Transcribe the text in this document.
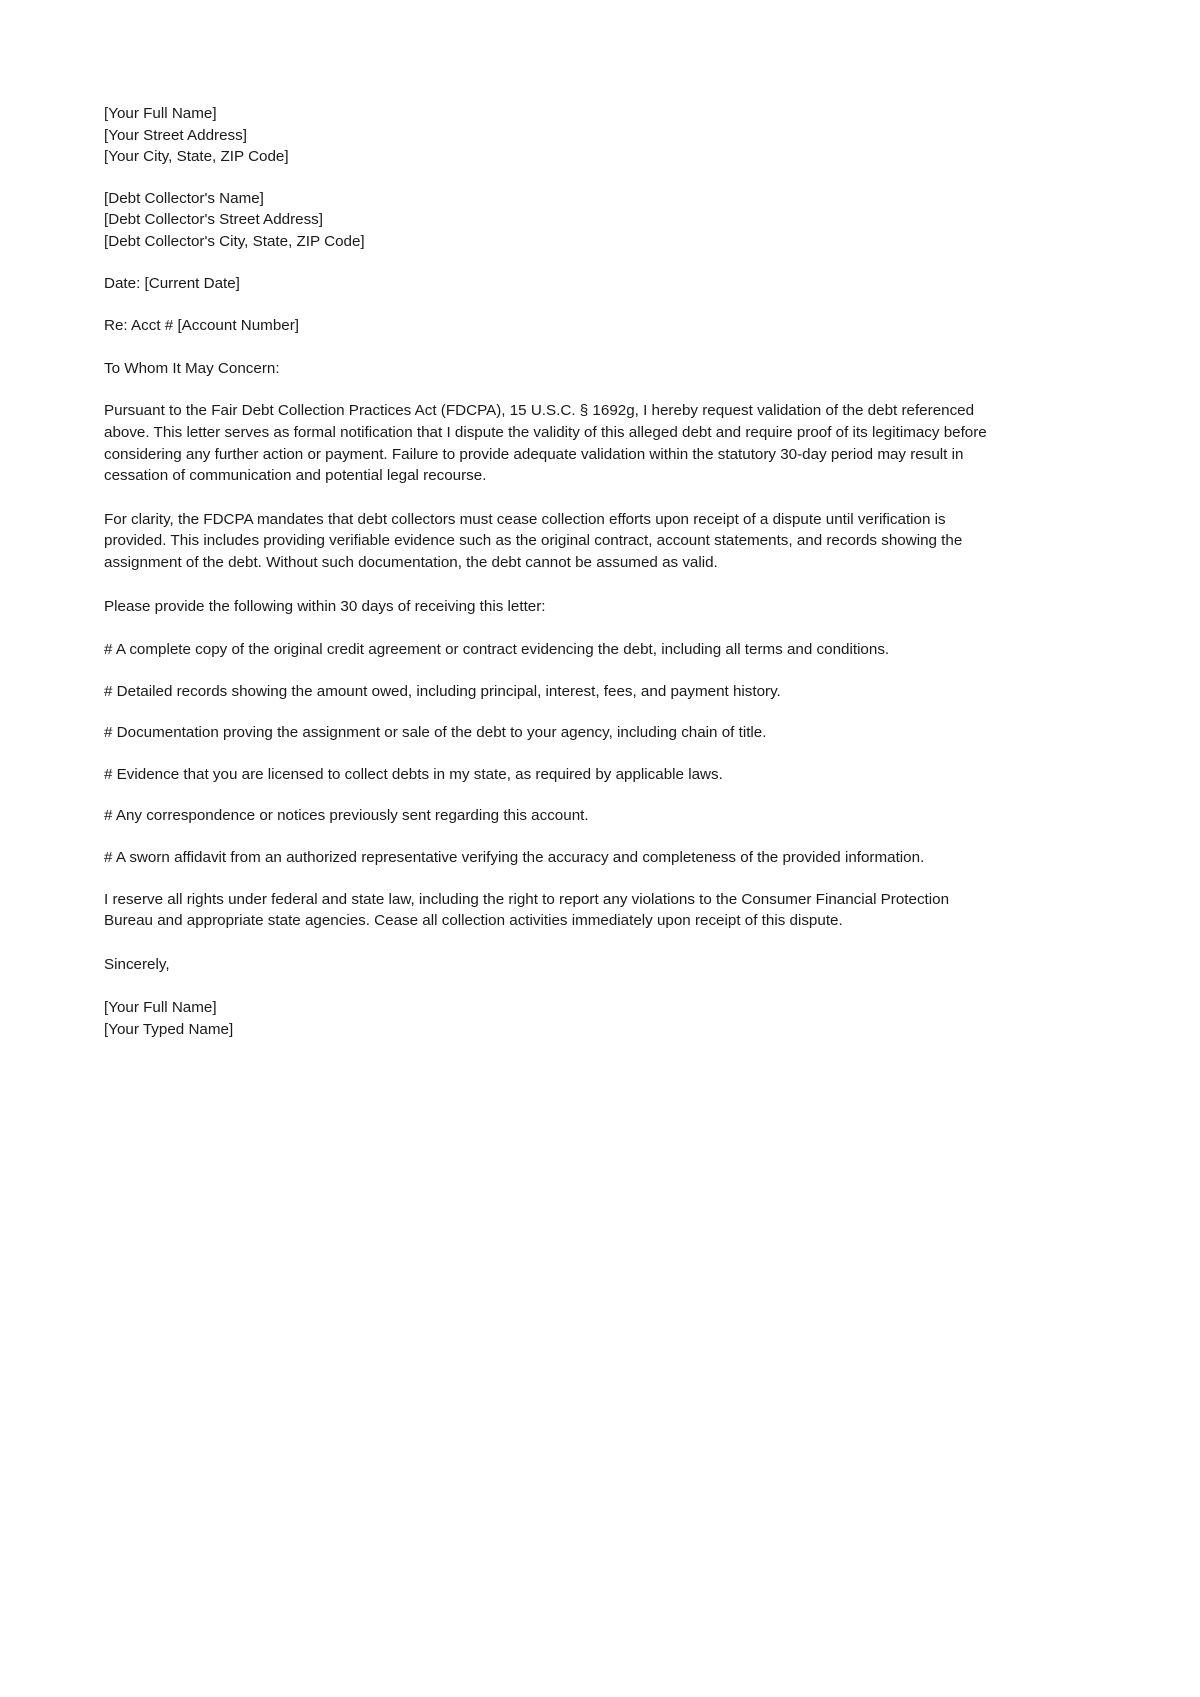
[Your Full Name]
[Your Street Address]
[Your City, State, ZIP Code]
[Debt Collector's Name]
[Debt Collector's Street Address]
[Debt Collector's City, State, ZIP Code]
Date: [Current Date]
Re: Acct # [Account Number]
To Whom It May Concern:

Pursuant to the Fair Debt Collection Practices Act (FDCPA), 15 U.S.C. § 1692g, I hereby request validation of the debt referenced above. This letter serves as formal notification that I dispute the validity of this alleged debt and require proof of its legitimacy before considering any further action or payment. Failure to provide adequate validation within the statutory 30-day period may result in cessation of communication and potential legal recourse.

For clarity, the FDCPA mandates that debt collectors must cease collection efforts upon receipt of a dispute until verification is provided. This includes providing verifiable evidence such as the original contract, account statements, and records showing the assignment of the debt. Without such documentation, the debt cannot be assumed as valid.

Please provide the following within 30 days of receiving this letter:

# A complete copy of the original credit agreement or contract evidencing the debt, including all terms and conditions.
# Detailed records showing the amount owed, including principal, interest, fees, and payment history.
# Documentation proving the assignment or sale of the debt to your agency, including chain of title.
# Evidence that you are licensed to collect debts in my state, as required by applicable laws.
# Any correspondence or notices previously sent regarding this account.
# A sworn affidavit from an authorized representative verifying the accuracy and completeness of the provided information.

I reserve all rights under federal and state law, including the right to report any violations to the Consumer Financial Protection Bureau and appropriate state agencies. Cease all collection activities immediately upon receipt of this dispute.

Sincerely,
[Your Full Name]
[Your Typed Name]
